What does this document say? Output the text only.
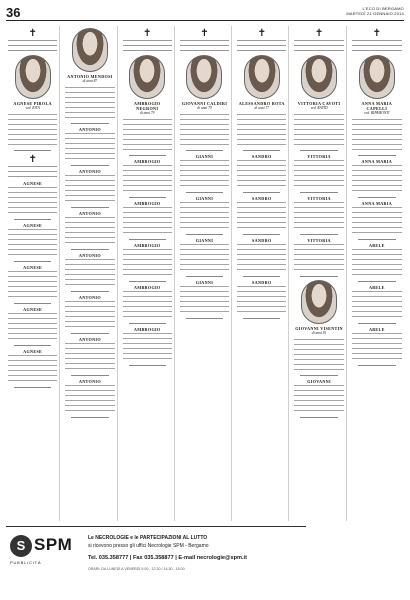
36	L'ECO DI BERGAMO
MARTEDÌ 21 GENNAIO 2014
✝
AGNESE PIROLA
ved. RIVA
✝
AGNESE
AGNESE
AGNESE
AGNESE
AGNESE
ANTONIO MENDOSI
di anni 87
ANTONIO
ANTONIO
ANTONIO
ANTONIO
ANTONIO
ANTONIO
ANTONIO
✝
AMBROGIO NEGRONI
di anni 79
AMBROGIO
AMBROGIO
AMBROGIO
AMBROGIO
AMBROGIO
✝
GIOVANNI CALDIRI
di anni 79
GIANNI
GIANNI
GIANNI
GIANNI
✝
ALESSANDRO ROTA
di anni 77
SANDRO
SANDRO
SANDRO
SANDRO
✝
VITTORIA CAVOTI
ved. RAVID
VITTORIA
VITTORIA
VITTORIA
GIOVANNI VISENTIN
di anni 81
GIOVANNI
✝
ANNA MARIA CAPELLI
ved. RIPAMONTI
ANNA MARIA
ANNA MARIA
ABELE
ABELE
ABELE
S SPM
PUBBLICITÀ
Le NECROLOGIE e le PARTECIPAZIONI AL LUTTO
si ricevono presso gli uffici Necrologie SPM - Bergamo
Tel. 035.358777 | Fax 035.358877 | E-mail necrologie@spm.it
ORARI: DA LUNEDÌ A VENERDÌ 9.00 - 12.30 / 14.30 - 18.00
